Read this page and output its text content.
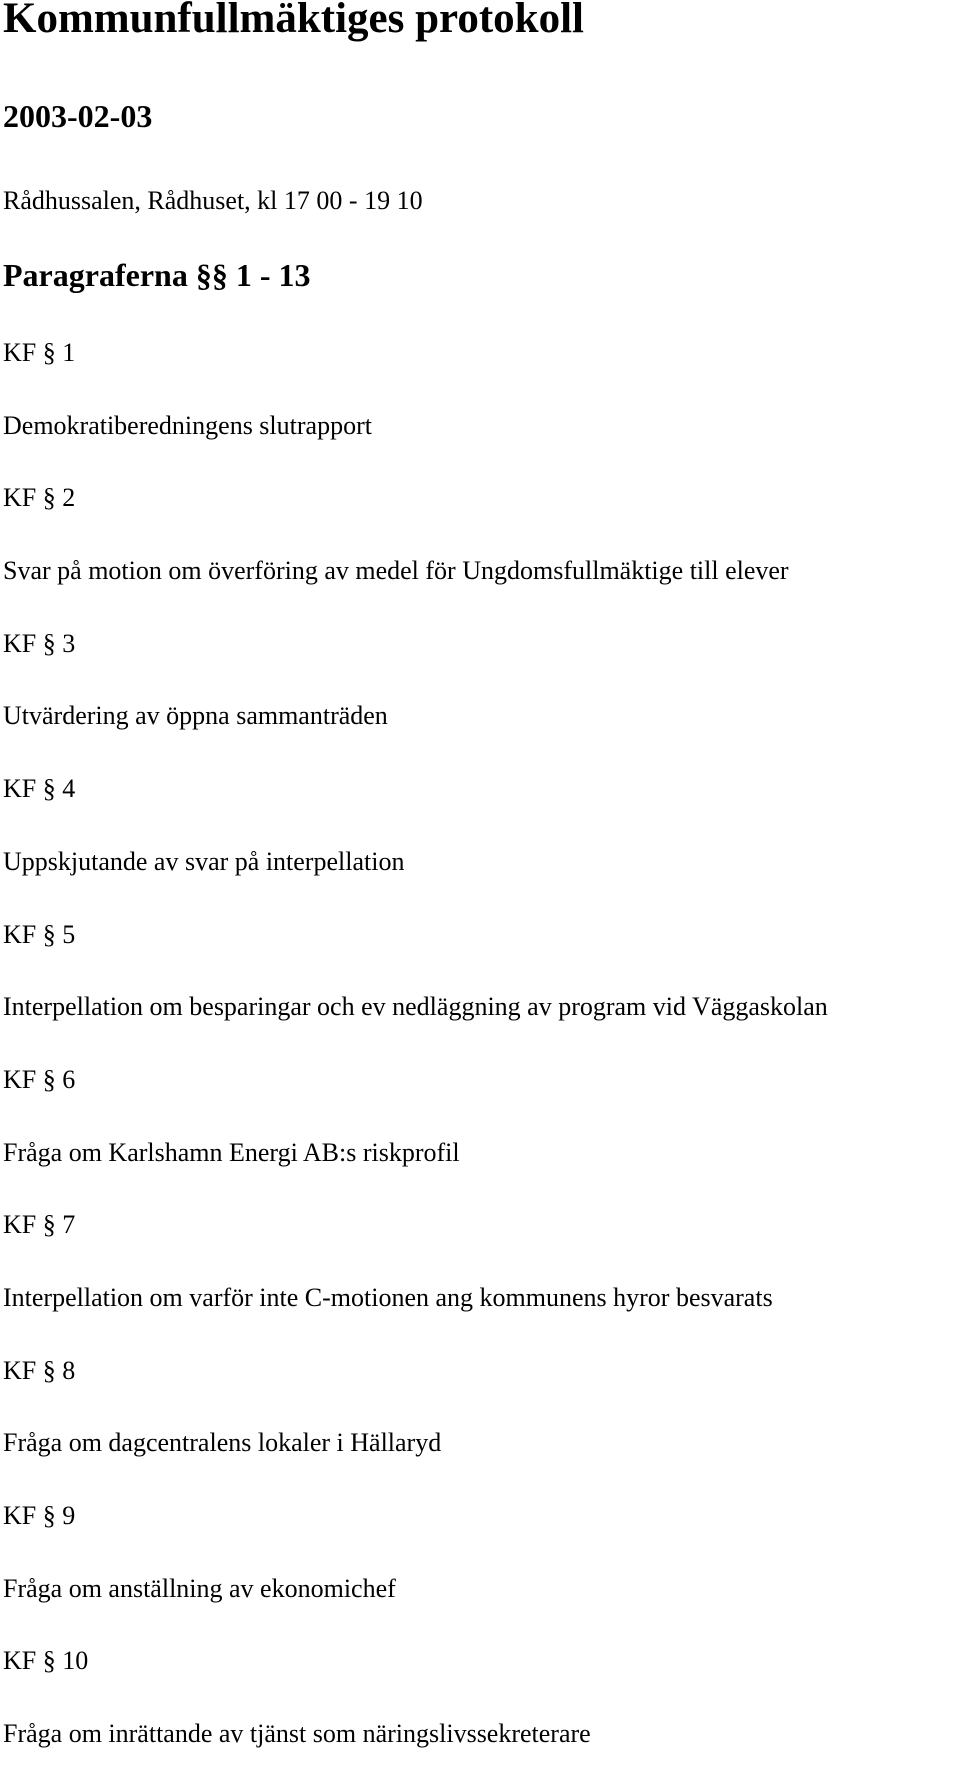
Kommunfullmäktiges protokoll
2003-02-03

Rådhussalen, Rådhuset, kl 17 00 - 19 10

Paragraferna §§ 1 - 13
KF § 1
Demokratiberedningens slutrapport
KF § 2
Svar på motion om överföring av medel för Ungdomsfullmäktige till elever
KF § 3
Utvärdering av öppna sammanträden
KF § 4
Uppskjutande av svar på interpellation
KF § 5
Interpellation om besparingar och ev nedläggning av program vid Väggaskolan
KF § 6
Fråga om Karlshamn Energi AB:s riskprofil
KF § 7
Interpellation om varför inte C-motionen ang kommunens hyror besvarats
KF § 8
Fråga om dagcentralens lokaler i Hällaryd
KF § 9
Fråga om anställning av ekonomichef
KF § 10
Fråga om inrättande av tjänst som näringslivssekreterare
